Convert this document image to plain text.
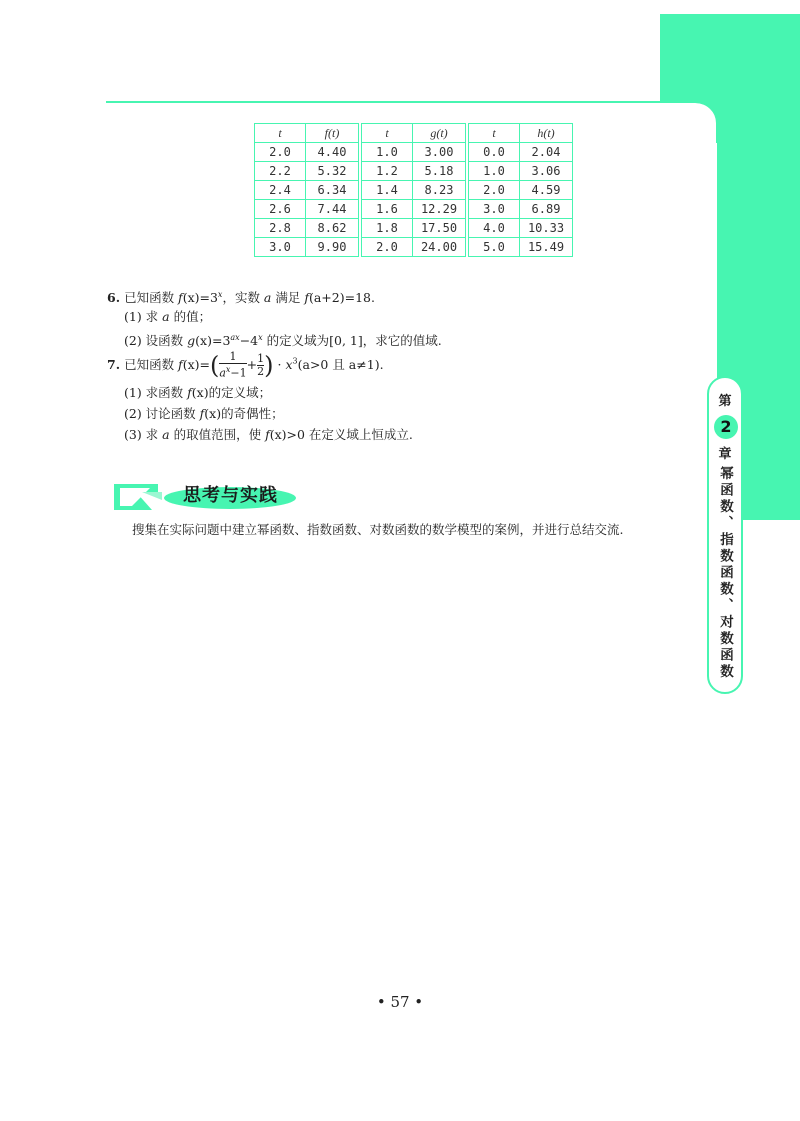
t	f(t)	t	g(t)	t	h(t)
2.0	4.40	1.0	3.00	0.0	2.04
2.2	5.32	1.2	5.18	1.0	3.06
2.4	6.34	1.4	8.23	2.0	4.59
2.6	7.44	1.6	12.29	3.0	6.89
2.8	8.62	1.8	17.50	4.0	10.33
3.0	9.90	2.0	24.00	5.0	15.49
6. 已知函数 $f(x)=3^x$，实数 a 满足 f(a+2)=18.
(1) 求 a 的值；
(2) 设函数 $g(x)=3^{ax}-4^x$ 的定义域为[0, 1]，求它的值域.
7. 已知函数 $f(x)=( \frac{1}{a^x-1} + \frac{1}{2}$ ) · $x^3(a>0$ 且 a≠1).
(1) 求函数 f(x)的定义域；
(2) 讨论函数 f(x)的奇偶性；
(3) 求 a 的取值范围，使 f(x)>0 在定义域上恒成立.
思考与实践
搜集在实际问题中建立幂函数、指数函数、对数函数的数学模型的案例，并进行总结交流.
第
2
章
幂函数、指数函数、对数函数
• 57 •
